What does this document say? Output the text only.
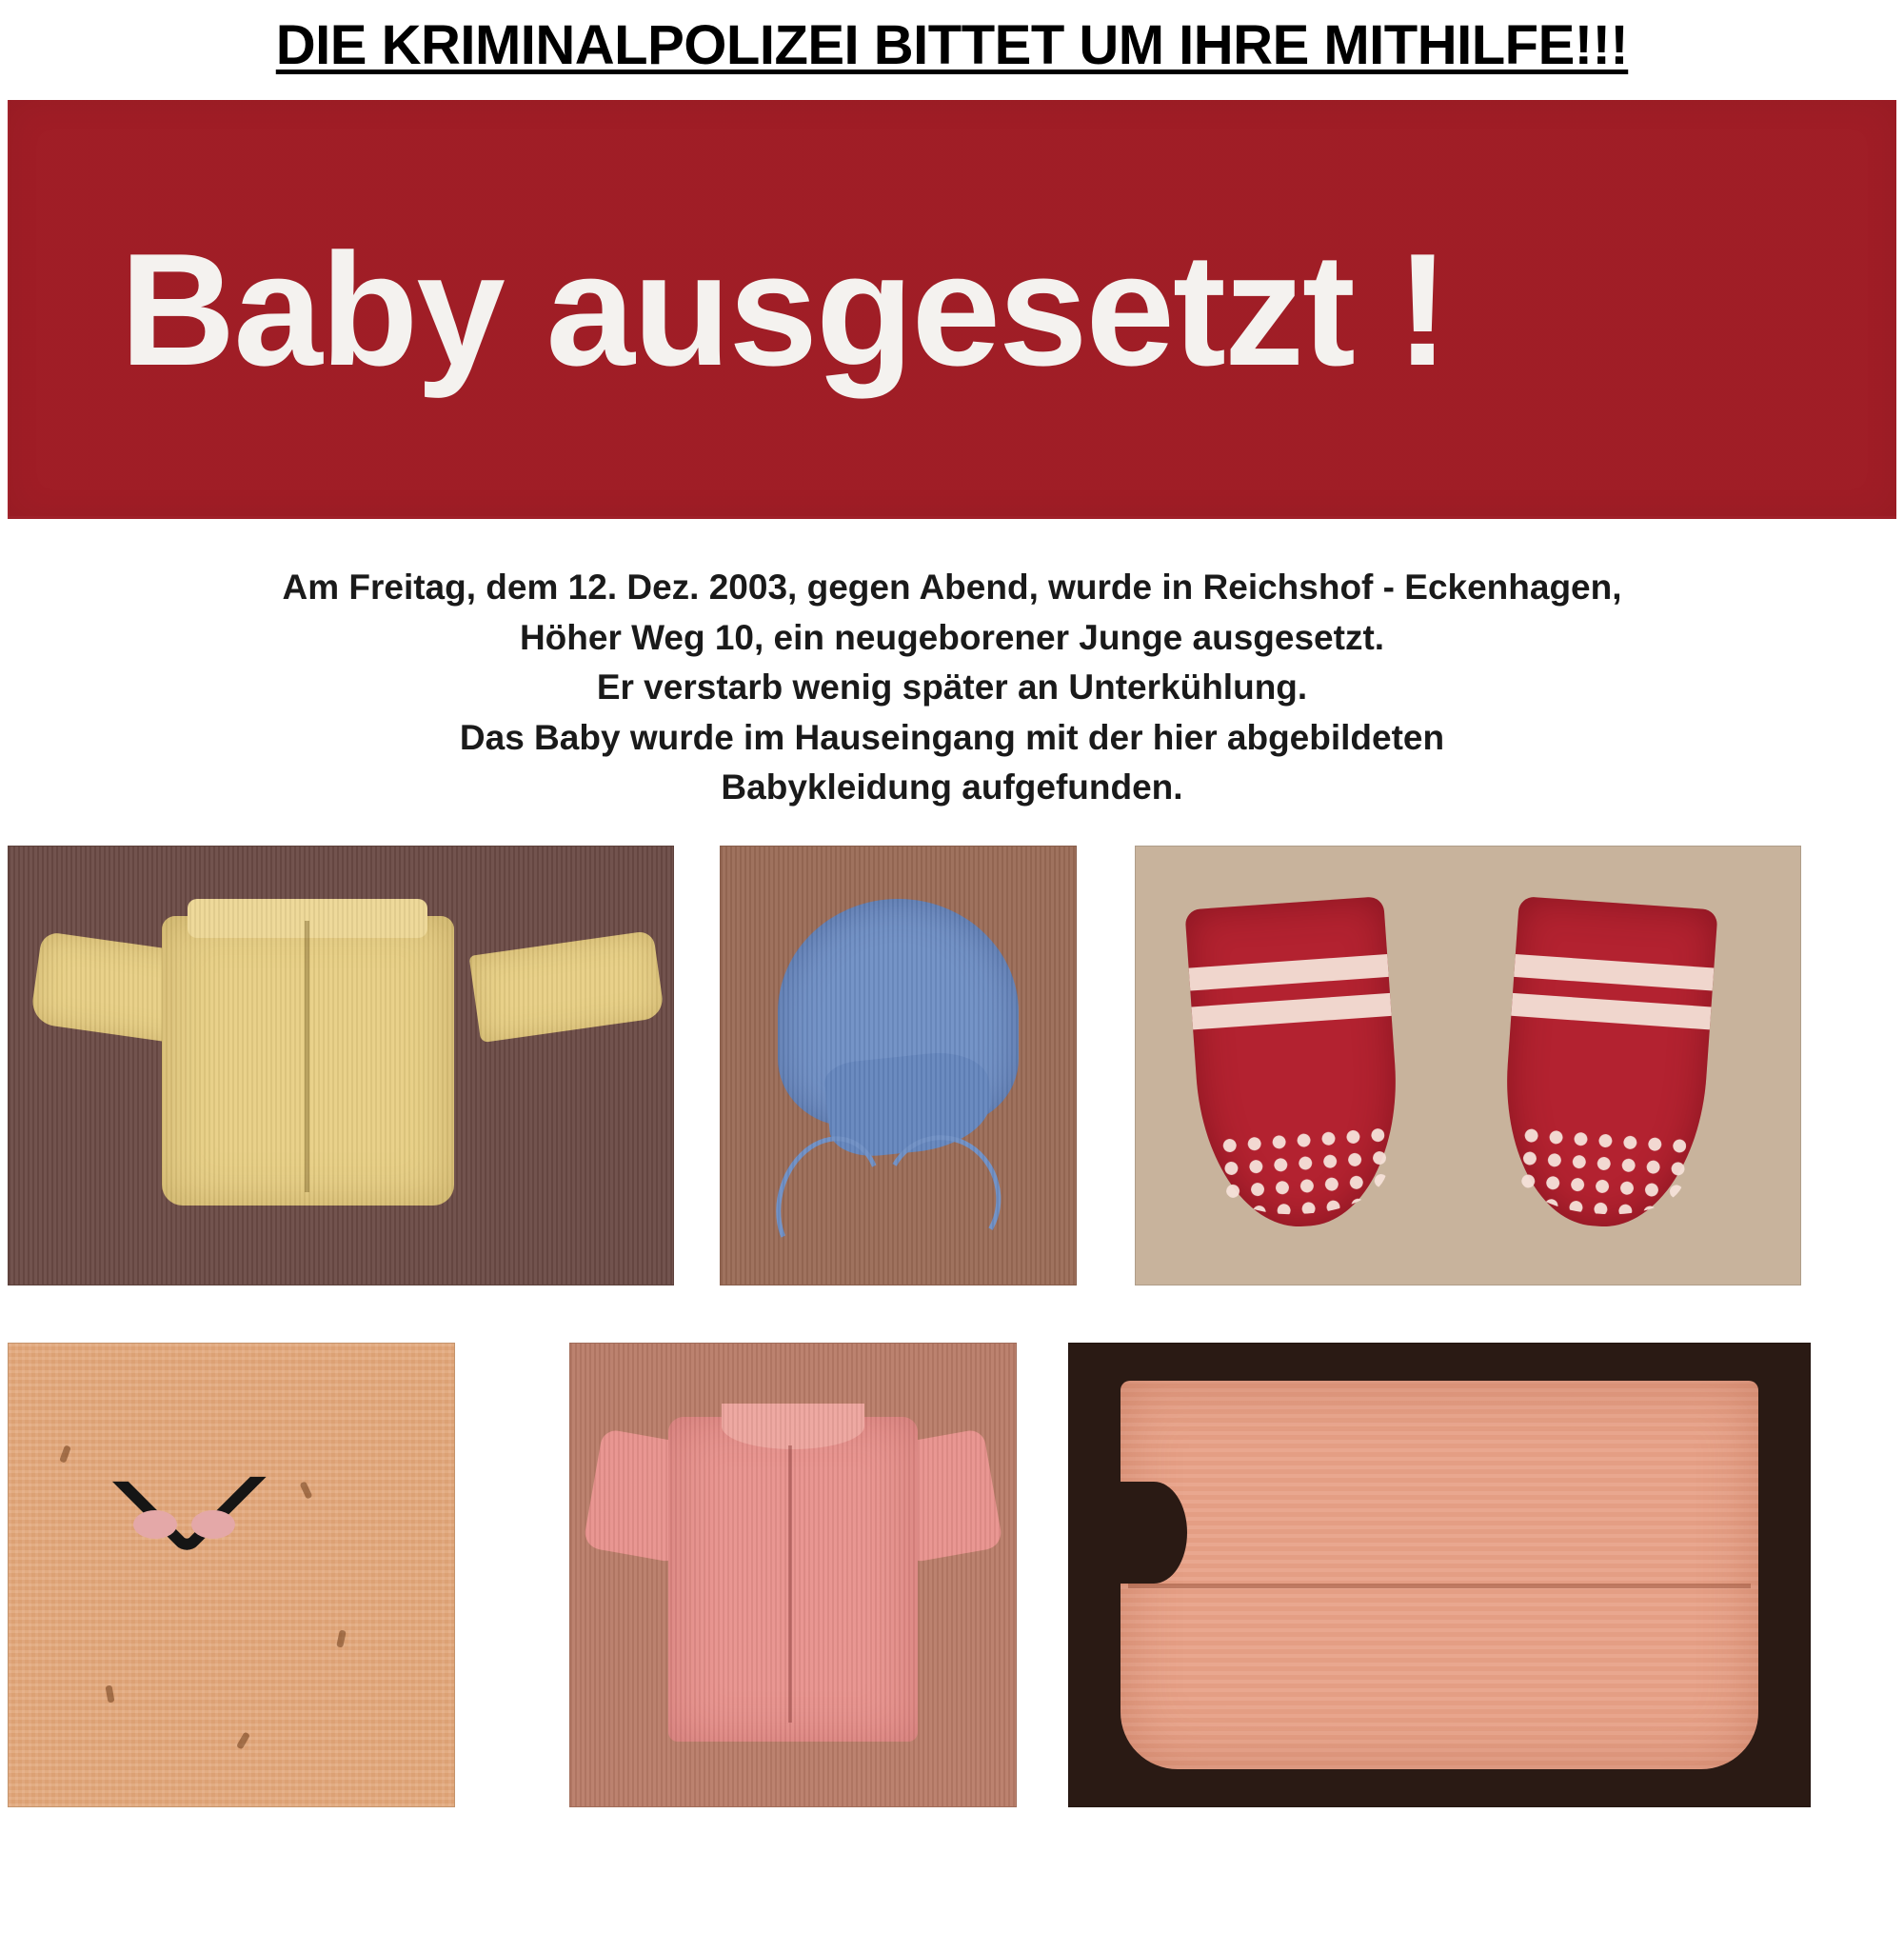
DIE KRIMINALPOLIZEI BITTET UM IHRE MITHILFE!!!
Baby ausgesetzt !
Am Freitag, dem 12. Dez. 2003, gegen Abend, wurde in Reichshof - Eckenhagen,
Höher Weg 10, ein neugeborener Junge ausgesetzt.
Er verstarb wenig später an Unterkühlung.
Das Baby wurde im Hauseingang mit der hier abgebildeten
Babykleidung aufgefunden.
